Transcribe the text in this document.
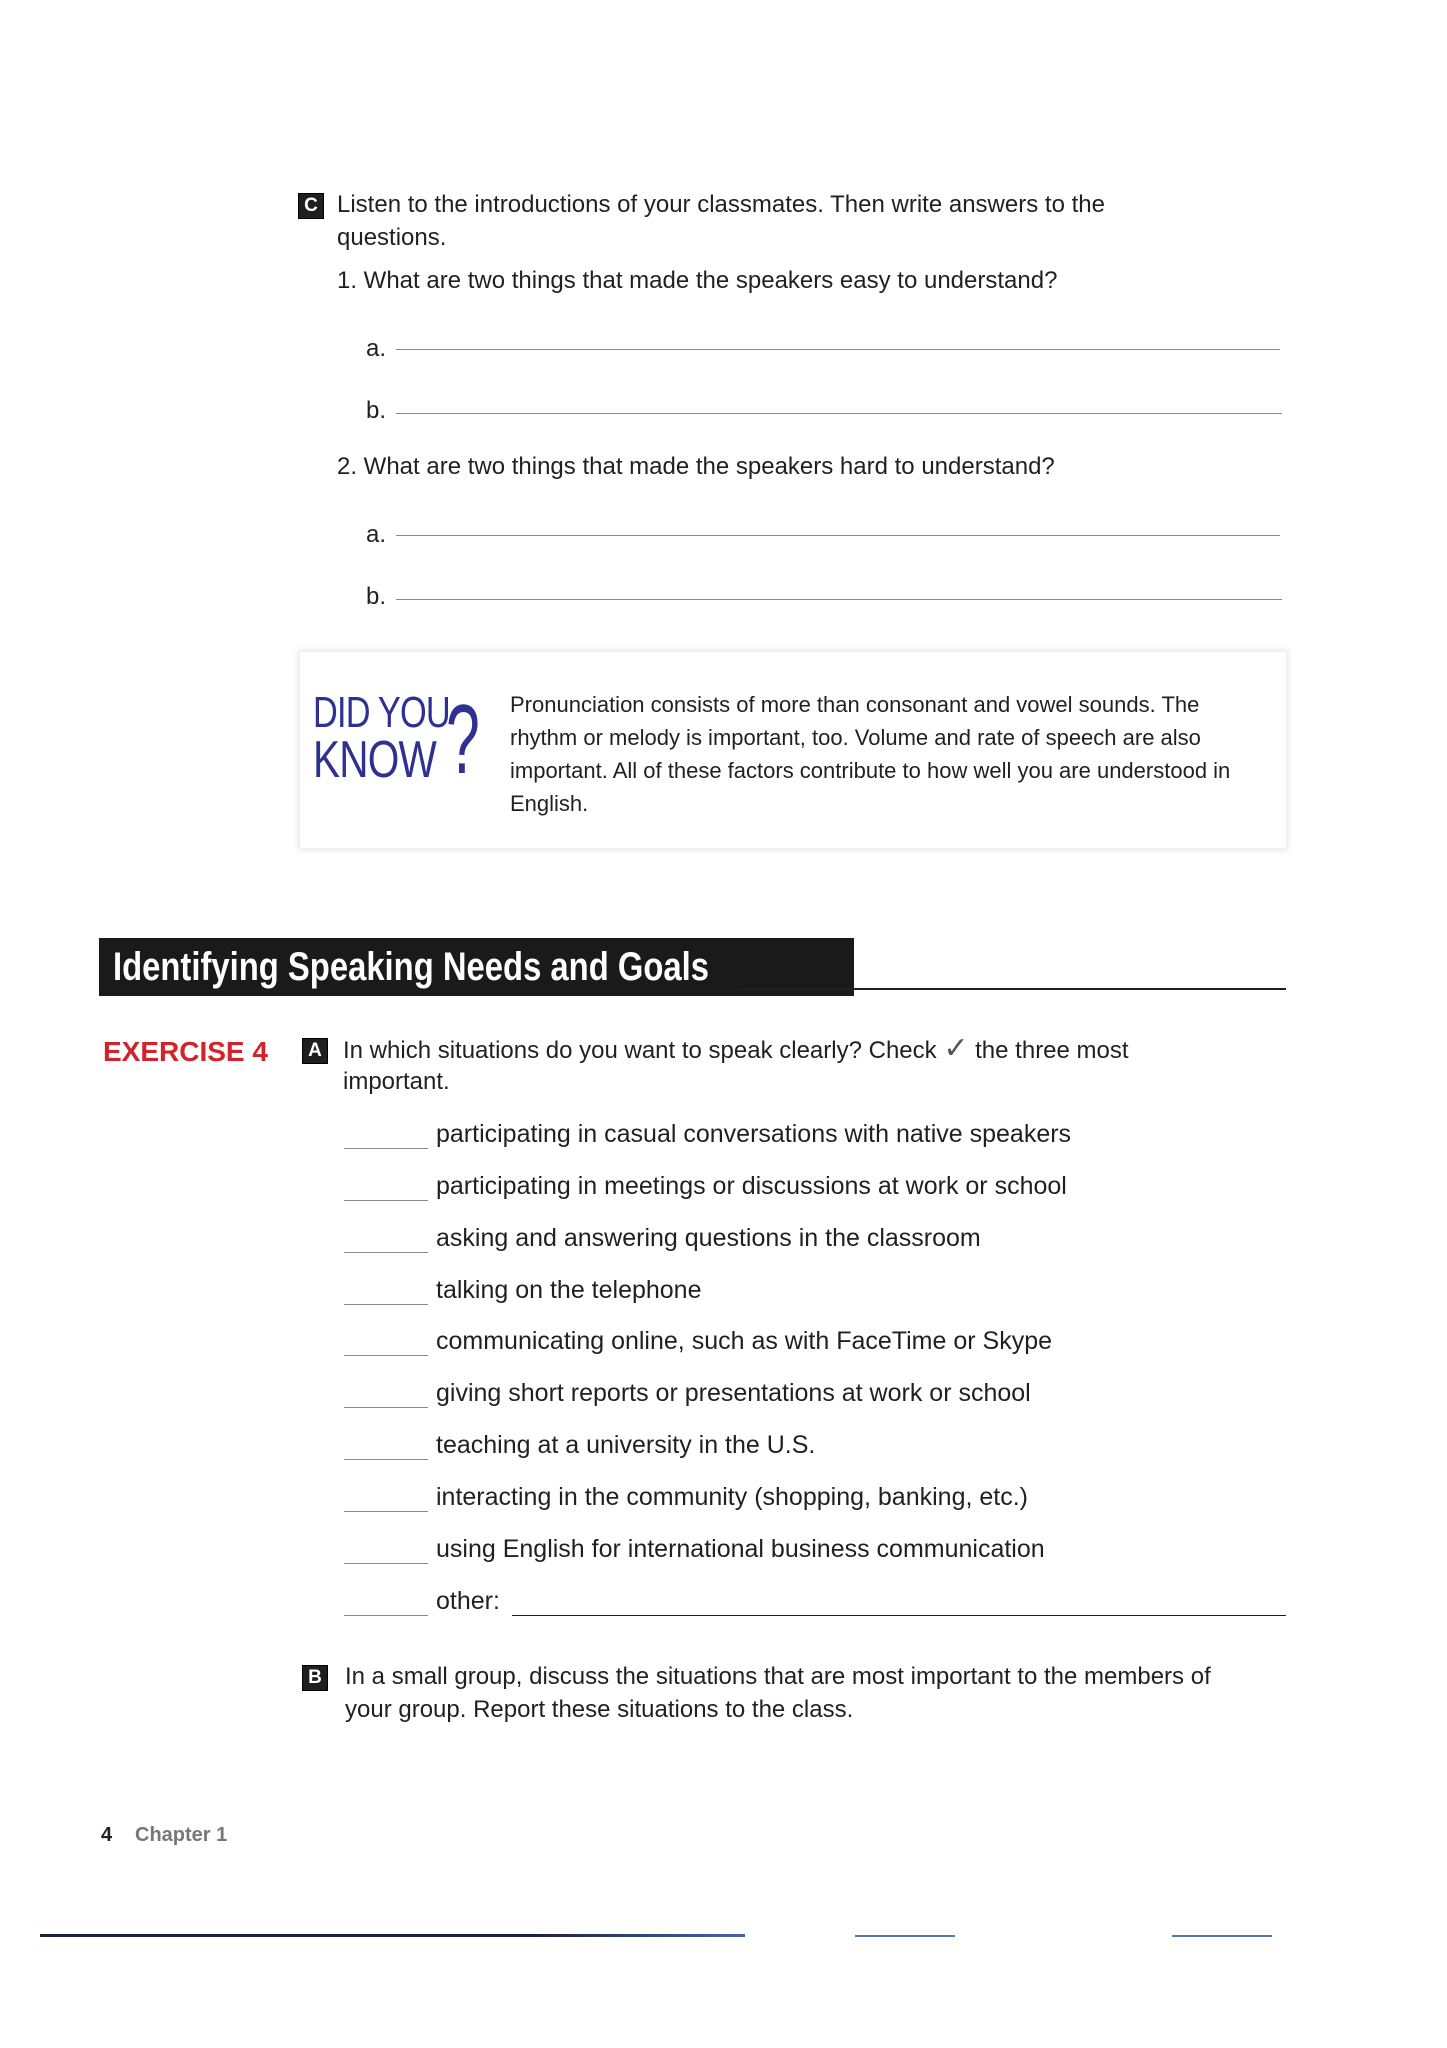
C Listen to the introductions of your classmates. Then write answers to the questions.
1. What are two things that made the speakers easy to understand?
a.
b.
2. What are two things that made the speakers hard to understand?
a.
b.
DID YOU
KNOW ? Pronunciation consists of more than consonant and vowel sounds. The rhythm or melody is important, too. Volume and rate of speech are also important. All of these factors contribute to how well you are understood in English.
Identifying Speaking Needs and Goals
EXERCISE 4	A In which situations do you want to speak clearly? Check ✓ the three most
important.
participating in casual conversations with native speakers
participating in meetings or discussions at work or school
asking and answering questions in the classroom
talking on the telephone
communicating online, such as with FaceTime or Skype
giving short reports or presentations at work or school
teaching at a university in the U.S.
interacting in the community (shopping, banking, etc.)
using English for international business communication
other:
B In a small group, discuss the situations that are most important to the members of
your group. Report these situations to the class.
4 Chapter 1
